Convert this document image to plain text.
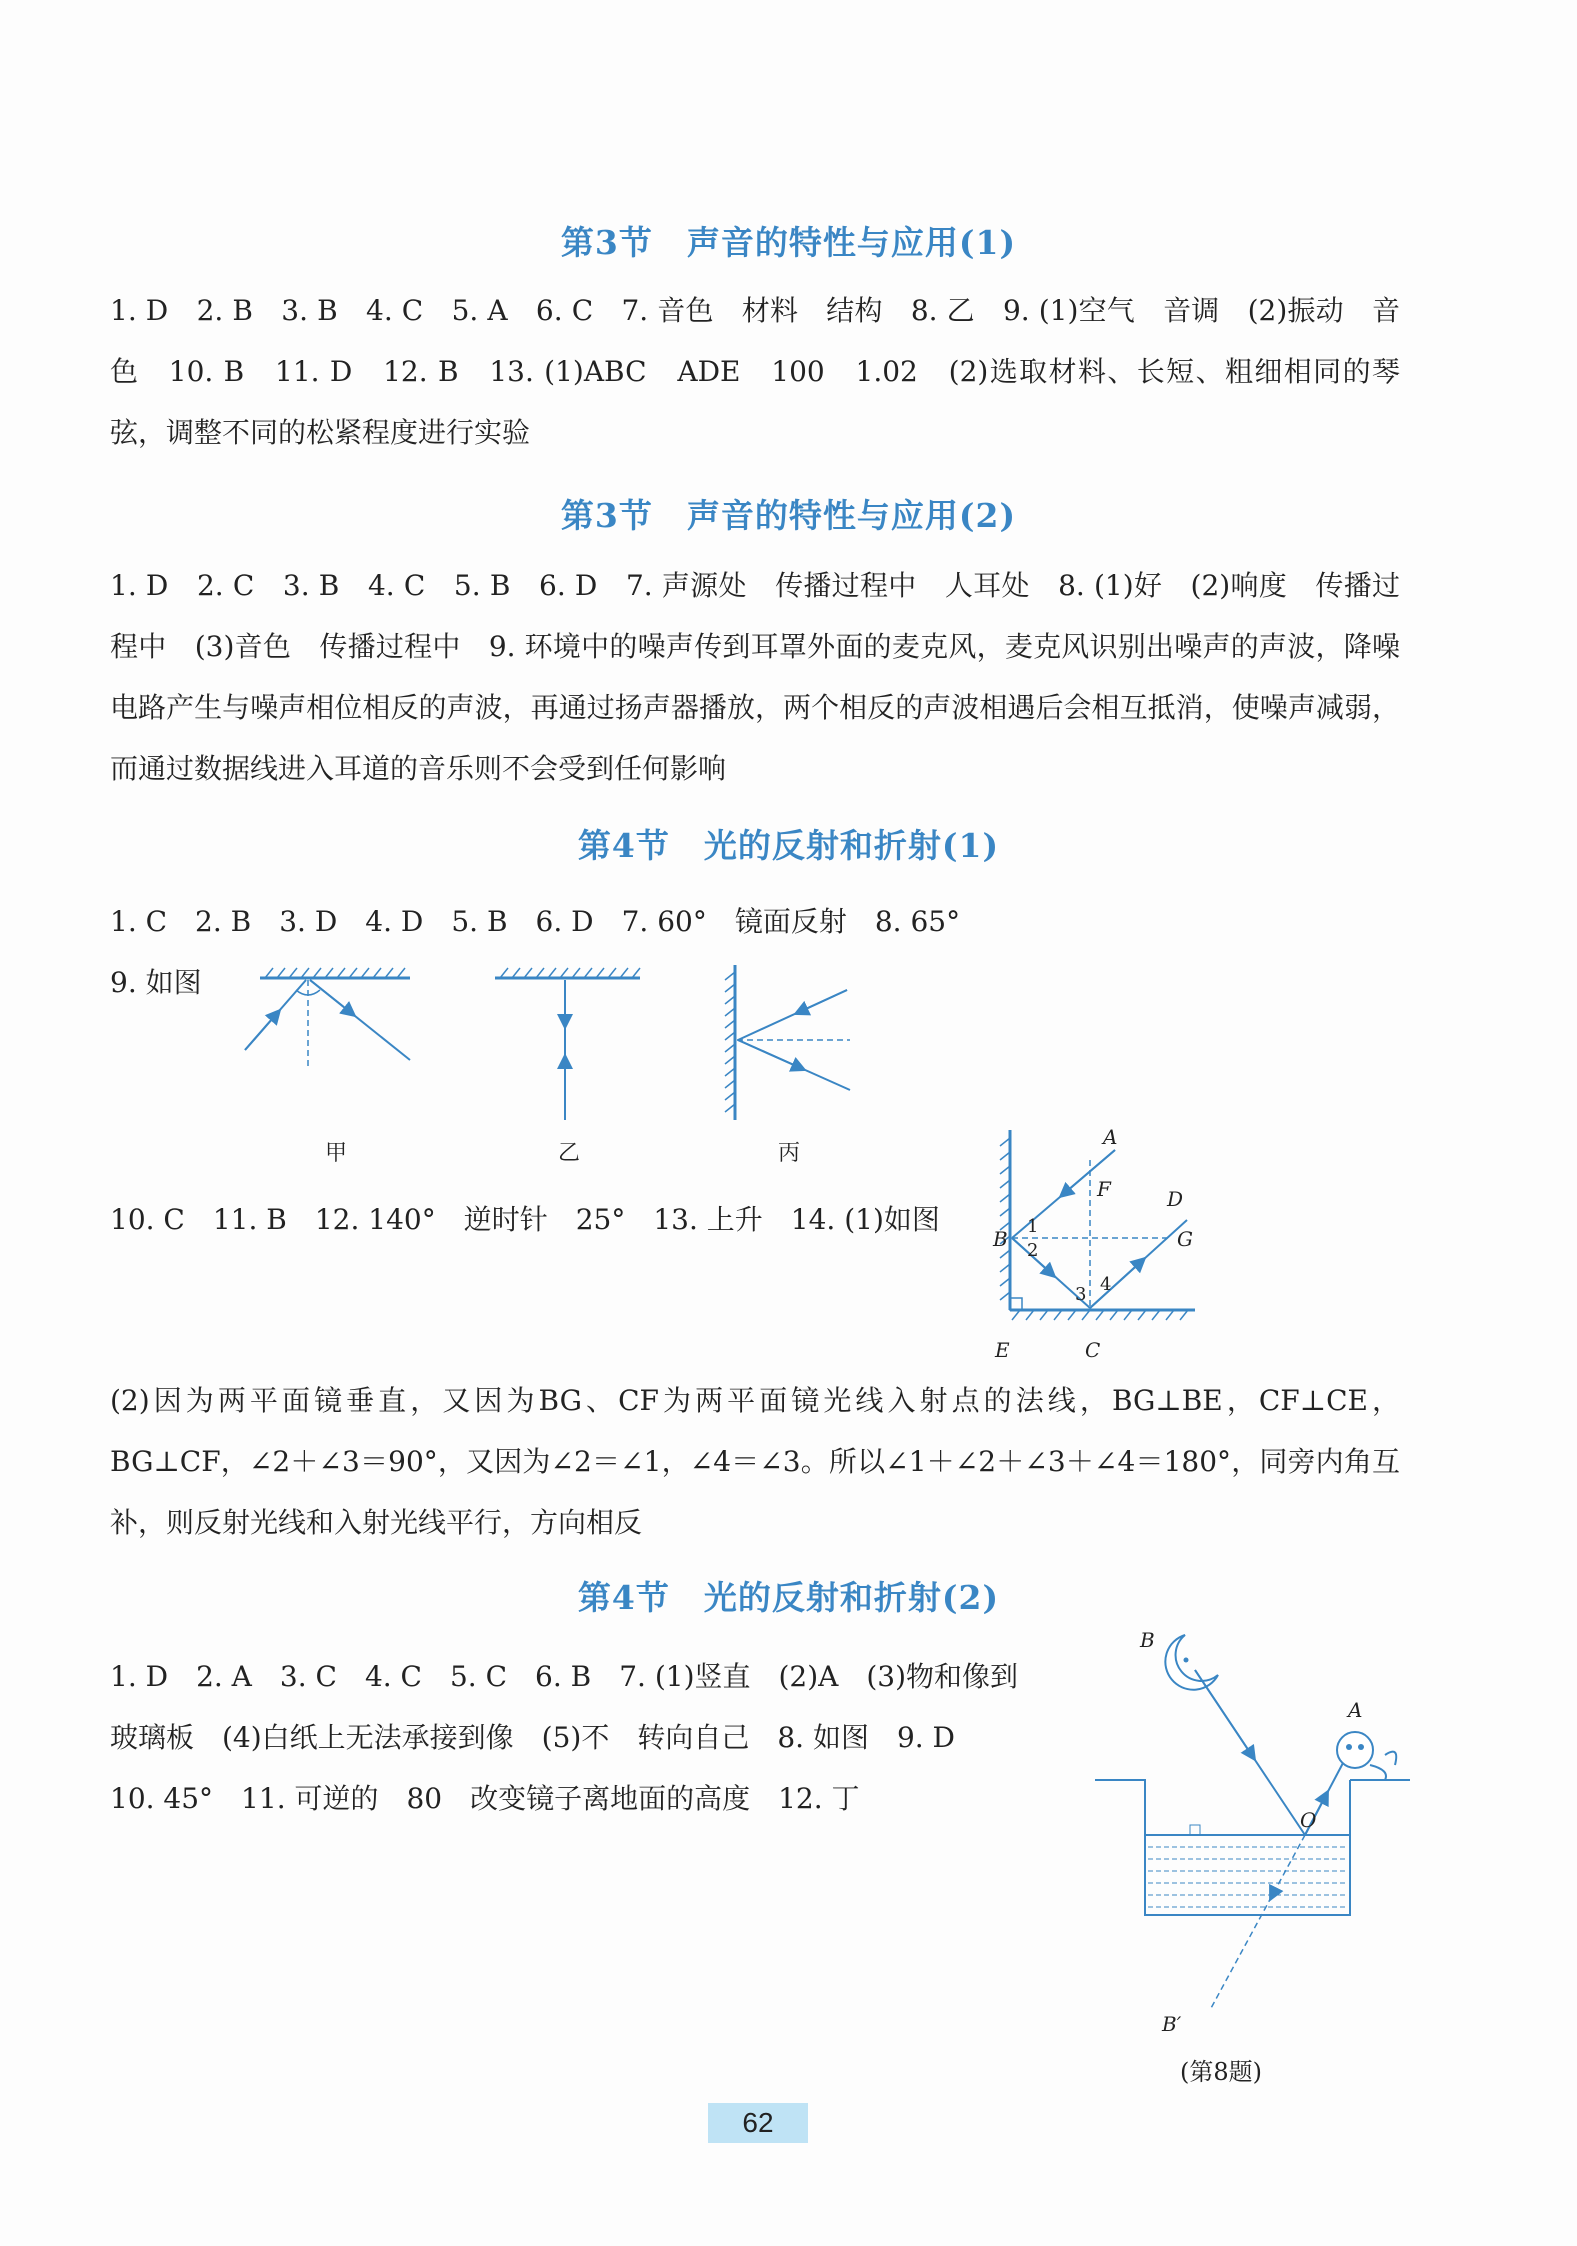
第3节　声音的特性与应用(1)
1. D　2. B　3. B　4. C　5. A　6. C　7. 音色　材料　结构　8. 乙　9. (1)空气　音调　(2)振动　音色　10. B　11. D　12. B　13. (1)ABC　ADE　100　1.02　(2)选取材料、长短、粗细相同的琴弦，调整不同的松紧程度进行实验
第3节　声音的特性与应用(2)
1. D　2. C　3. B　4. C　5. B　6. D　7. 声源处　传播过程中　人耳处　8. (1)好　(2)响度　传播过程中　(3)音色　传播过程中　9. 环境中的噪声传到耳罩外面的麦克风，麦克风识别出噪声的声波，降噪电路产生与噪声相位相反的声波，再通过扬声器播放，两个相反的声波相遇后会相互抵消，使噪声减弱，而通过数据线进入耳道的音乐则不会受到任何影响
第4节　光的反射和折射(1)
1. C　2. B　3. D　4. D　5. B　6. D　7. 60°　镜面反射　8. 65°
9. 如图
甲	乙	丙
10. C　11. B　12. 140°　逆时针　25°　13. 上升　14. (1)如图
A
B
C
D
E
F
G
1
2
3 4
(2)因为两平面镜垂直，又因为BG、CF为两平面镜光线入射点的法线，BG⊥BE，CF⊥CE，BG⊥CF，∠2＋∠3＝90°，又因为∠2＝∠1，∠4＝∠3。所以∠1＋∠2＋∠3＋∠4＝180°，同旁内角互补，则反射光线和入射光线平行，方向相反
第4节　光的反射和折射(2)
1. D　2. A　3. C　4. C　5. C　6. B　7. (1)竖直　(2)A　(3)物和像到
玻璃板　(4)白纸上无法承接到像　(5)不　转向自己　8. 如图　9. D
10. 45°　11. 可逆的　80　改变镜子离地面的高度　12. 丁
B
A
O
B′
(第8题)
62
